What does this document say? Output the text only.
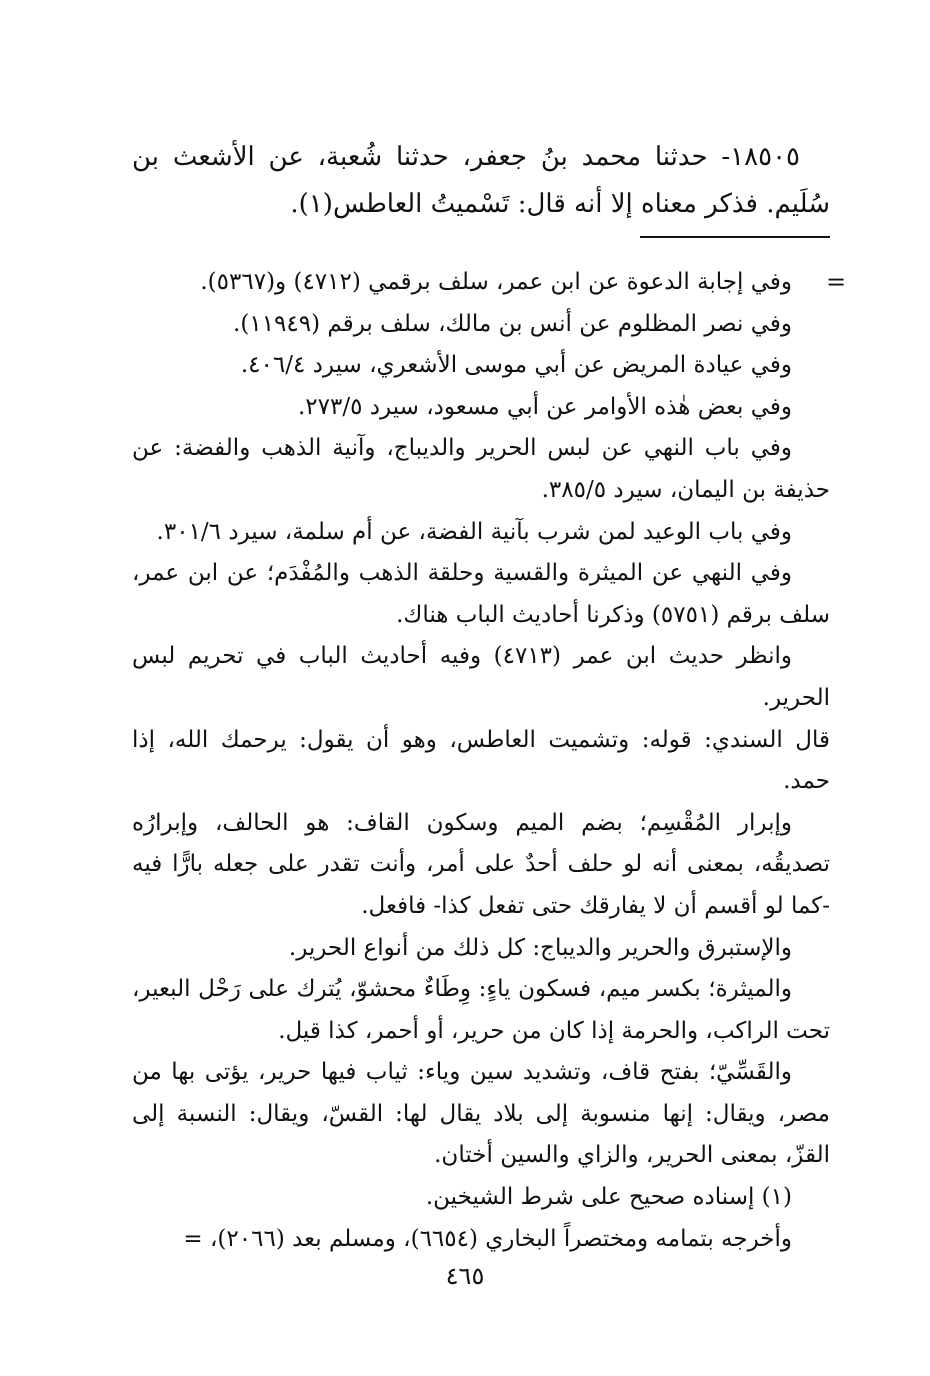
١٨٥٠٥- حدثنا محمد بنُ جعفر، حدثنا شُعبة، عن الأشعث بن سُلَيم. فذكر معناه إلا أنه قال: تَسْميتُ العاطس(١).

=

وفي إجابة الدعوة عن ابن عمر، سلف برقمي (٤٧١٢) و(٥٣٦٧).

وفي نصر المظلوم عن أنس بن مالك، سلف برقم (١١٩٤٩).

وفي عيادة المريض عن أبي موسى الأشعري، سيرد ٤٠٦/٤.

وفي بعض هٰذه الأوامر عن أبي مسعود، سيرد ٢٧٣/٥.

وفي باب النهي عن لبس الحرير والديباج، وآنية الذهب والفضة: عن حذيفة بن اليمان، سيرد ٣٨٥/٥.

وفي باب الوعيد لمن شرب بآنية الفضة، عن أم سلمة، سيرد ٣٠١/٦.

وفي النهي عن الميثرة والقسية وحلقة الذهب والمُفْدَم؛ عن ابن عمر، سلف برقم (٥٧٥١) وذكرنا أحاديث الباب هناك.

وانظر حديث ابن عمر (٤٧١٣) وفيه أحاديث الباب في تحريم لبس الحرير.

قال السندي: قوله: وتشميت العاطس، وهو أن يقول: يرحمك الله، إذا حمد.

وإبرار المُقْسِم؛ بضم الميم وسكون القاف: هو الحالف، وإبرارُه تصديقُه، بمعنى أنه لو حلف أحدٌ على أمر، وأنت تقدر على جعله بارًّا فيه -كما لو أقسم أن لا يفارقك حتى تفعل كذا- فافعل.

والإستبرق والحرير والديباج: كل ذلك من أنواع الحرير.

والميثرة؛ بكسر ميم، فسكون ياءٍ: وِطَاءٌ محشوّ، يُترك على رَحْل البعير، تحت الراكب، والحرمة إذا كان من حرير، أو أحمر، كذا قيل.

والقَسِّيّ؛ بفتح قاف، وتشديد سين وياء: ثياب فيها حرير، يؤتى بها من مصر، ويقال: إنها منسوبة إلى بلاد يقال لها: القسّ، ويقال: النسبة إلى القزّ، بمعنى الحرير، والزاي والسين أختان.

(١) إسناده صحيح على شرط الشيخين.

وأخرجه بتمامه ومختصراً البخاري (٦٦٥٤)، ومسلم بعد (٢٠٦٦)، =

٤٦٥
